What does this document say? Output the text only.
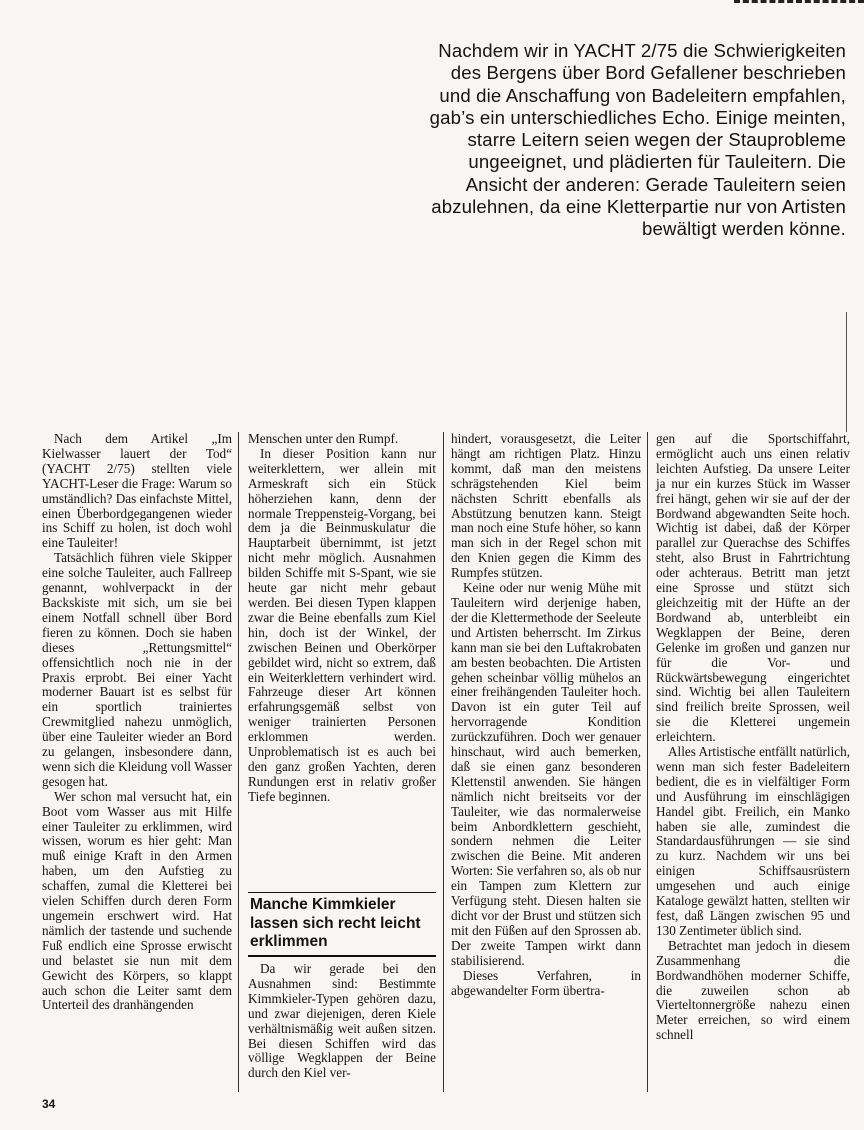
Nachdem wir in YACHT 2/75 die Schwierigkeiten des Bergens über Bord Gefallener beschrieben und die Anschaffung von Badeleitern empfahlen, gab’s ein unterschiedliches Echo. Einige meinten, starre Leitern seien wegen der Stauprobleme ungeeignet, und plädierten für Tauleitern. Die Ansicht der anderen: Gerade Tauleitern seien abzulehnen, da eine Kletterpartie nur von Artisten bewältigt werden könne.

Nach dem Artikel „Im Kielwasser lauert der Tod“ (YACHT 2/75) stellten viele YACHT-Leser die Frage: Warum so umständlich? Das einfachste Mittel, einen Überbordgegangenen wieder ins Schiff zu holen, ist doch wohl eine Tauleiter!

Tatsächlich führen viele Skipper eine solche Tauleiter, auch Fallreep genannt, wohlverpackt in der Backskiste mit sich, um sie bei einem Notfall schnell über Bord fieren zu können. Doch sie haben dieses „Rettungsmittel“ offensichtlich noch nie in der Praxis erprobt. Bei einer Yacht moderner Bauart ist es selbst für ein sportlich trainiertes Crewmitglied nahezu unmöglich, über eine Tauleiter wieder an Bord zu gelangen, insbesondere dann, wenn sich die Kleidung voll Wasser gesogen hat.

Wer schon mal versucht hat, ein Boot vom Wasser aus mit Hilfe einer Tauleiter zu erklimmen, wird wissen, worum es hier geht: Man muß einige Kraft in den Armen haben, um den Aufstieg zu schaffen, zumal die Kletterei bei vielen Schiffen durch deren Form ungemein erschwert wird. Hat nämlich der tastende und suchende Fuß endlich eine Sprosse erwischt und belastet sie nun mit dem Gewicht des Körpers, so klappt auch schon die Leiter samt dem Unterteil des dranhängenden

Menschen unter den Rumpf.

In dieser Position kann nur weiterklettern, wer allein mit Armeskraft sich ein Stück höherziehen kann, denn der normale Treppensteig-Vorgang, bei dem ja die Beinmuskulatur die Hauptarbeit übernimmt, ist jetzt nicht mehr möglich. Ausnahmen bilden Schiffe mit S-Spant, wie sie heute gar nicht mehr gebaut werden. Bei diesen Typen klappen zwar die Beine ebenfalls zum Kiel hin, doch ist der Winkel, der zwischen Beinen und Oberkörper gebildet wird, nicht so extrem, daß ein Weiterklettern verhindert wird. Fahrzeuge dieser Art können erfahrungsgemäß selbst von weniger trainierten Personen erklommen werden. Unproblematisch ist es auch bei den ganz großen Yachten, deren Rundungen erst in relativ großer Tiefe beginnen.

Manche Kimmkieler lassen sich recht leicht erklimmen

Da wir gerade bei den Ausnahmen sind: Bestimmte Kimmkieler-Typen gehören dazu, und zwar diejenigen, deren Kiele verhältnismäßig weit außen sitzen. Bei diesen Schiffen wird das völlige Wegklappen der Beine durch den Kiel ver-

hindert, vorausgesetzt, die Leiter hängt am richtigen Platz. Hinzu kommt, daß man den meistens schrägstehenden Kiel beim nächsten Schritt ebenfalls als Abstützung benutzen kann. Steigt man noch eine Stufe höher, so kann man sich in der Regel schon mit den Knien gegen die Kimm des Rumpfes stützen.

Keine oder nur wenig Mühe mit Tauleitern wird derjenige haben, der die Klettermethode der Seeleute und Artisten beherrscht. Im Zirkus kann man sie bei den Luftakrobaten am besten beobachten. Die Artisten gehen scheinbar völlig mühelos an einer freihängenden Tauleiter hoch. Davon ist ein guter Teil auf hervorragende Kondition zurückzuführen. Doch wer genauer hinschaut, wird auch bemerken, daß sie einen ganz besonderen Klettenstil anwenden. Sie hängen nämlich nicht breitseits vor der Tauleiter, wie das normalerweise beim Anbordklettern geschieht, sondern nehmen die Leiter zwischen die Beine. Mit anderen Worten: Sie verfahren so, als ob nur ein Tampen zum Klettern zur Verfügung steht. Diesen halten sie dicht vor der Brust und stützen sich mit den Füßen auf den Sprossen ab. Der zweite Tampen wirkt dann stabilisierend.

Dieses Verfahren, in abgewandelter Form übertra-

gen auf die Sportschiffahrt, ermöglicht auch uns einen relativ leichten Aufstieg. Da unsere Leiter ja nur ein kurzes Stück im Wasser frei hängt, gehen wir sie auf der der Bordwand abgewandten Seite hoch. Wichtig ist dabei, daß der Körper parallel zur Querachse des Schiffes steht, also Brust in Fahrtrichtung oder achteraus. Betritt man jetzt eine Sprosse und stützt sich gleichzeitig mit der Hüfte an der Bordwand ab, unterbleibt ein Wegklappen der Beine, deren Gelenke im großen und ganzen nur für die Vor- und Rückwärtsbewegung eingerichtet sind. Wichtig bei allen Tauleitern sind freilich breite Sprossen, weil sie die Kletterei ungemein erleichtern.

Alles Artistische entfällt natürlich, wenn man sich fester Badeleitern bedient, die es in vielfältiger Form und Ausführung im einschlägigen Handel gibt. Freilich, ein Manko haben sie alle, zumindest die Standardausführungen — sie sind zu kurz. Nachdem wir uns bei einigen Schiffsausrüstern umgesehen und auch einige Kataloge gewälzt hatten, stellten wir fest, daß Längen zwischen 95 und 130 Zentimeter üblich sind.

Betrachtet man jedoch in diesem Zusammenhang die Bordwandhöhen moderner Schiffe, die zuweilen schon ab Vierteltonnergröße nahezu einen Meter erreichen, so wird einem schnell

34
